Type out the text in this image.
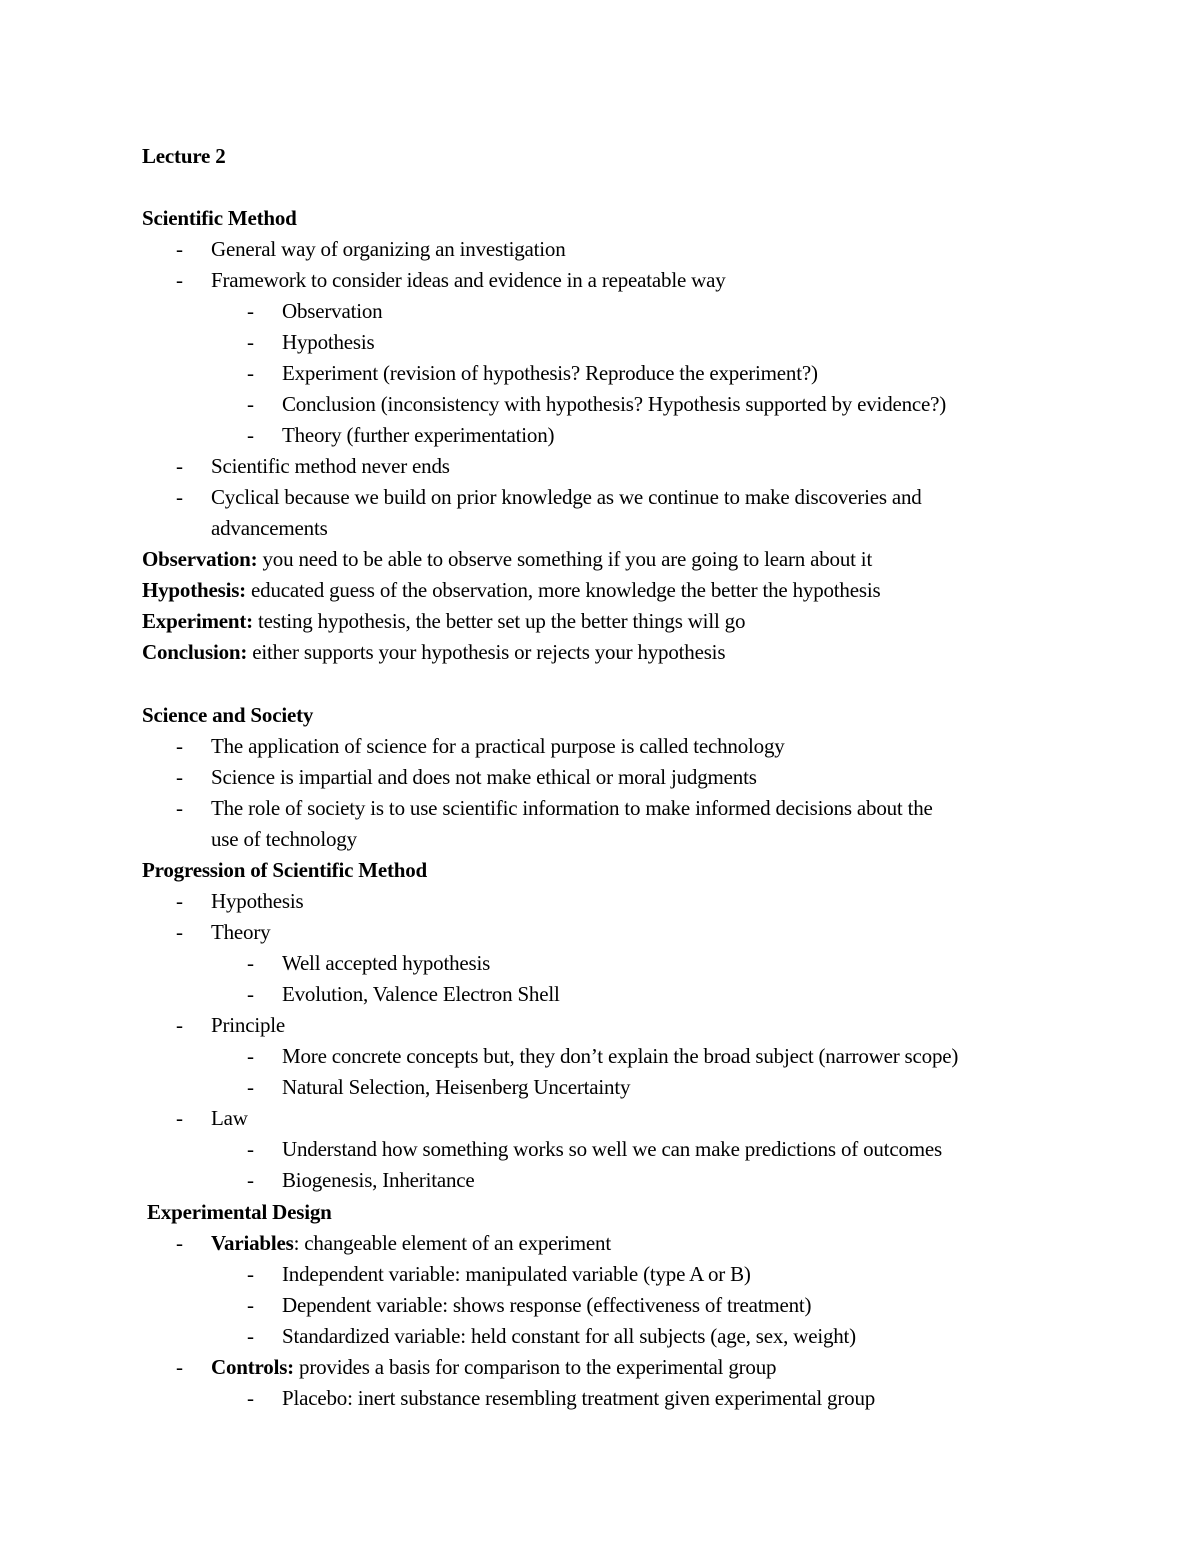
Lecture 2
Scientific Method
- General way of organizing an investigation
- Framework to consider ideas and evidence in a repeatable way
- Observation
- Hypothesis
- Experiment (revision of hypothesis? Reproduce the experiment?)
- Conclusion (inconsistency with hypothesis? Hypothesis supported by evidence?)
- Theory (further experimentation)
- Scientific method never ends
- Cyclical because we build on prior knowledge as we continue to make discoveries and
advancements
Observation: you need to be able to observe something if you are going to learn about it
Hypothesis: educated guess of the observation, more knowledge the better the hypothesis
Experiment: testing hypothesis, the better set up the better things will go
Conclusion: either supports your hypothesis or rejects your hypothesis
Science and Society
- The application of science for a practical purpose is called technology
- Science is impartial and does not make ethical or moral judgments
- The role of society is to use scientific information to make informed decisions about the
use of technology
Progression of Scientific Method
- Hypothesis
- Theory
- Well accepted hypothesis
- Evolution, Valence Electron Shell
- Principle
- More concrete concepts but, they don’t explain the broad subject (narrower scope)
- Natural Selection, Heisenberg Uncertainty
- Law
- Understand how something works so well we can make predictions of outcomes
- Biogenesis, Inheritance
Experimental Design
- Variables: changeable element of an experiment
- Independent variable: manipulated variable (type A or B)
- Dependent variable: shows response (effectiveness of treatment)
- Standardized variable: held constant for all subjects (age, sex, weight)
- Controls: provides a basis for comparison to the experimental group
- Placebo: inert substance resembling treatment given experimental group
